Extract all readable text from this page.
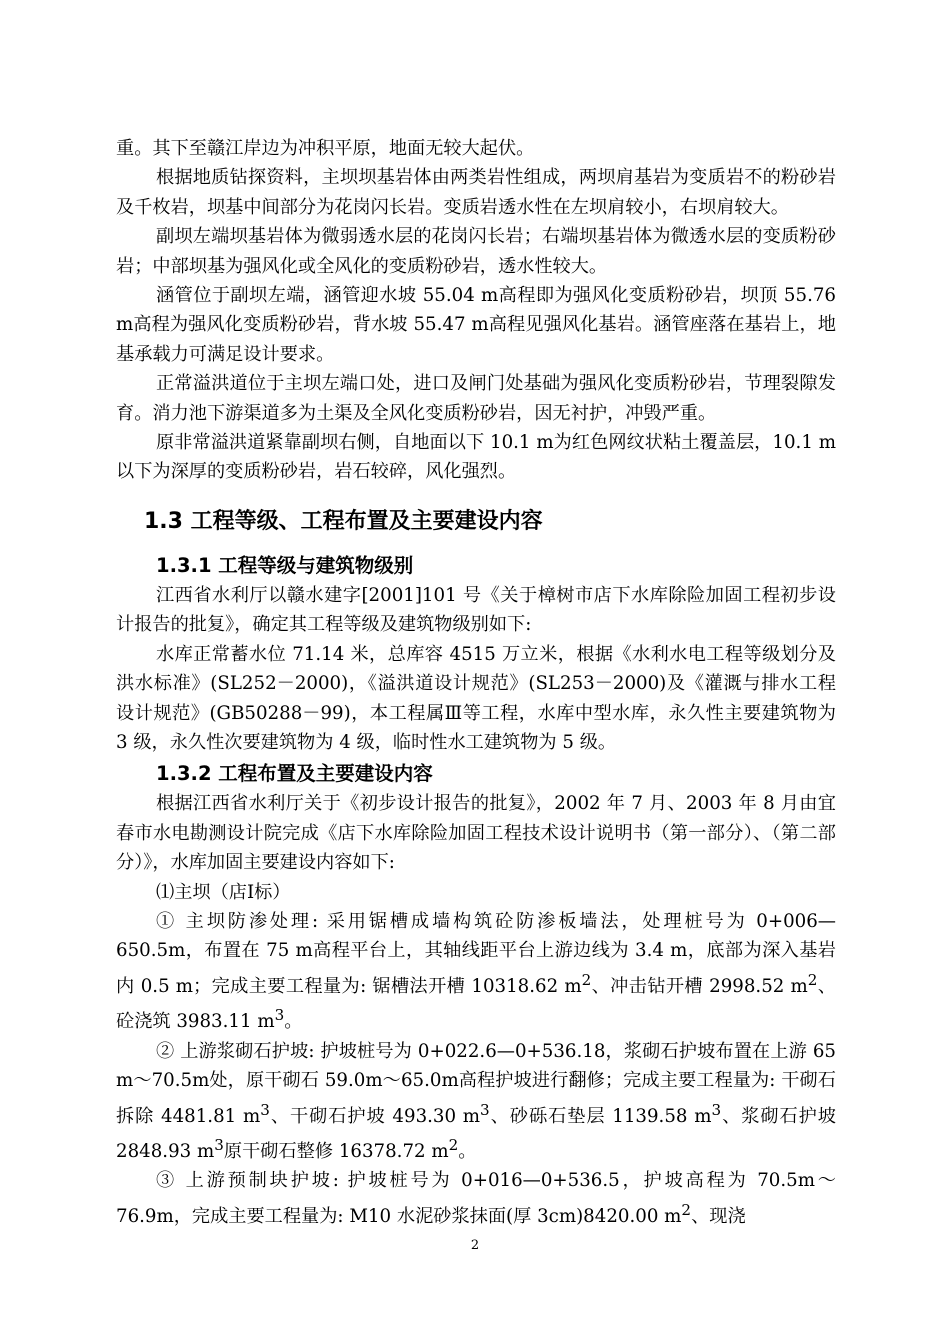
重。其下至赣江岸边为冲积平原，地面无较大起伏。

根据地质钻探资料，主坝坝基岩体由两类岩性组成，两坝肩基岩为变质岩不的粉砂岩及千枚岩，坝基中间部分为花岗闪长岩。变质岩透水性在左坝肩较小，右坝肩较大。

副坝左端坝基岩体为微弱透水层的花岗闪长岩；右端坝基岩体为微透水层的变质粉砂岩；中部坝基为强风化或全风化的变质粉砂岩，透水性较大。

涵管位于副坝左端，涵管迎水坡 55.04 m高程即为强风化变质粉砂岩，坝顶 55.76 m高程为强风化变质粉砂岩，背水坡 55.47 m高程见强风化基岩。涵管座落在基岩上，地基承载力可满足设计要求。

正常溢洪道位于主坝左端口处，进口及闸门处基础为强风化变质粉砂岩，节理裂隙发育。消力池下游渠道多为土渠及全风化变质粉砂岩，因无衬护，冲毁严重。

原非常溢洪道紧靠副坝右侧，自地面以下 10.1 m为红色网纹状粘土覆盖层，10.1 m以下为深厚的变质粉砂岩，岩石较碎，风化强烈。

1.3 工程等级、工程布置及主要建设内容
1.3.1 工程等级与建筑物级别

江西省水利厅以赣水建字[2001]101 号《关于樟树市店下水库除险加固工程初步设计报告的批复》，确定其工程等级及建筑物级别如下:

水库正常蓄水位 71.14 米，总库容 4515 万立米，根据《水利水电工程等级划分及洪水标准》(SL252－2000)，《溢洪道设计规范》(SL253－2000)及《灌溉与排水工程设计规范》(GB50288－99)，本工程属Ⅲ等工程，水库中型水库，永久性主要建筑物为 3 级，永久性次要建筑物为 4 级，临时性水工建筑物为 5 级。

1.3.2 工程布置及主要建设内容

根据江西省水利厅关于《初步设计报告的批复》，2002 年 7 月、2003 年 8 月由宜春市水电勘测设计院完成《店下水库除险加固工程技术设计说明书（第一部分）、（第二部分）》，水库加固主要建设内容如下:

⑴主坝（店Ⅰ标）

① 主坝防渗处理: 采用锯槽成墙构筑砼防渗板墙法，处理桩号为 0+006—650.5m，布置在 75 m高程平台上，其轴线距平台上游边线为 3.4 m，底部为深入基岩内 0.5 m；完成主要工程量为: 锯槽法开槽 10318.62 $m^2$、冲击钻开槽 2998.52 $m^2$、砼浇筑 3983.11 $m^3$。

② 上游浆砌石护坡: 护坡桩号为 0+022.6—0+536.18，浆砌石护坡布置在上游 65 m～70.5m处，原干砌石 59.0m～65.0m高程护坡进行翻修；完成主要工程量为: 干砌石拆除 4481.81 $m^3$、干砌石护坡 493.30 $m^3$、砂砾石垫层 1139.58 $m^3$、浆砌石护坡 2848.93 $m^3$原干砌石整修 16378.72 $m^2$。

③ 上游预制块护坡: 护坡桩号为 0+016—0+536.5，护坡高程为 70.5m～76.9m，完成主要工程量为: M10 水泥砂浆抹面(厚 3cm)8420.00 $m^2$、现浇

2
